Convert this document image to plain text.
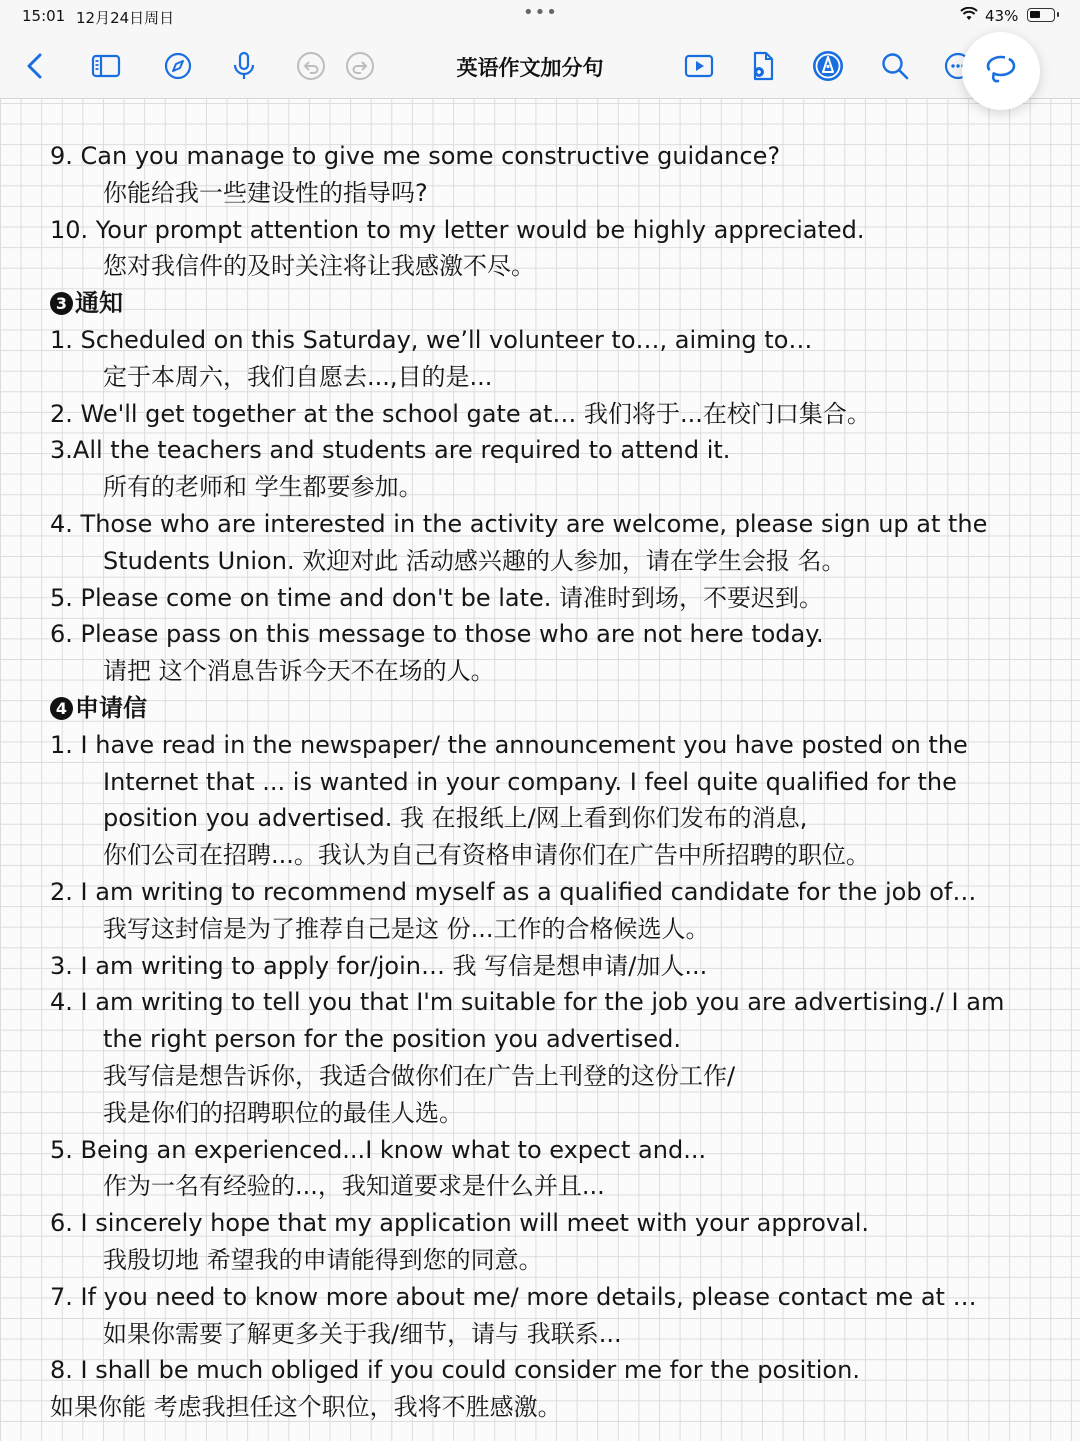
15:01 12月24日周日	•••	43%
英语作文加分句
9. Can you manage to give me some constructive guidance?
你能给我一些建设性的指导吗?
10. Your prompt attention to my letter would be highly appreciated.
您对我信件的及时关注将让我感激不尽。
3 通知
1. Scheduled on this Saturday, we’ll volunteer to…, aiming to…
定于本周六，我们自愿去...,目的是...
2. We'll get together at the school gate at… 我们将于...在校门口集合。
3.All the teachers and students are required to attend it.
所有的老师和 学生都要参加。
4. Those who are interested in the activity are welcome, please sign up at the
Students Union. 欢迎对此 活动感兴趣的人参加，请在学生会报 名。
5. Please come on time and don't be late. 请准时到场，不要迟到。
6. Please pass on this message to those who are not here today.
请把 这个消息告诉今天不在场的人。
4 申请信
1. I have read in the newspaper/ the announcement you have posted on the
Internet that ... is wanted in your company. I feel quite qualified for the
position you advertised. 我 在报纸上/网上看到你们发布的消息,
你们公司在招聘...。我认为自己有资格申请你们在广告中所招聘的职位。
2. I am writing to recommend myself as a qualified candidate for the job of…
我写这封信是为了推荐自己是这 份...工作的合格候选人。
3. I am writing to apply for/join… 我 写信是想申请/加人...
4. I am writing to tell you that I'm suitable for the job you are advertising./ I am
the right person for the position you advertised.
我写信是想告诉你，我适合做你们在广告上刊登的这份工作/
我是你们的招聘职位的最佳人选。
5. Being an experienced...I know what to expect and...
作为一名有经验的...，我知道要求是什么并且...
6. I sincerely hope that my application will meet with your approval.
我殷切地 希望我的申请能得到您的同意。
7. If you need to know more about me/ more details, please contact me at …
如果你需要了解更多关于我/细节，请与 我联系...
8. I shall be much obliged if you could consider me for the position.
如果你能 考虑我担任这个职位，我将不胜感激。
